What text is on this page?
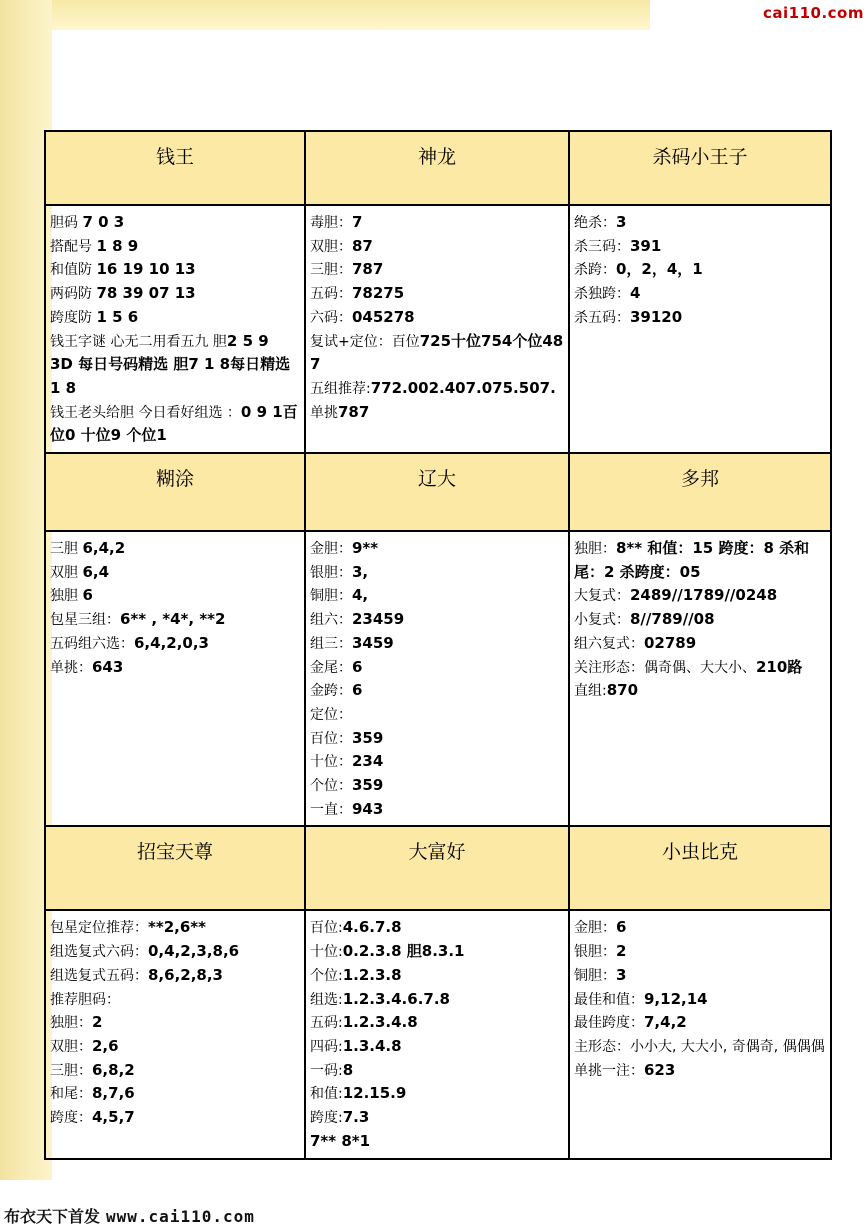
cai110.com
钱王
胆码 7 0 3
搭配号 1 8 9
和值防 16 19 10 13
两码防 78 39 07 13
跨度防 1 5 6
钱王字谜 心无二用看五九 胆2 5 9
3D 每日号码精选 胆7 1 8每日精选1 8
钱王老头给胆 今日看好组选 ：0 9 1百位0 十位9 个位1
神龙
毒胆：7
双胆：87
三胆：787
五码：78275
六码：045278
复试+定位：百位725十位754个位487
五组推荐:772.002.407.075.507.
单挑787
杀码小王子
绝杀：3
杀三码：391
杀跨：0，2，4，1
杀独跨：4
杀五码：39120
糊涂
三胆 6,4,2
双胆 6,4
独胆 6
包星三组：6** , *4*, **2
五码组六选：6,4,2,0,3
单挑：643
辽大
金胆：9**
银胆：3,
铜胆：4,
组六：23459
组三：3459
金尾：6
金跨：6
定位：
百位：359
十位：234
个位：359
一直：943
多邦
独胆：8** 和值：15 跨度：8 杀和尾：2 杀跨度：05
大复式：2489//1789//0248
小复式：8//789//08
组六复式：02789
关注形态：偶奇偶、大大小、210路
直组:870
招宝天尊
包星定位推荐：**2,6**
组选复式六码：0,4,2,3,8,6
组选复式五码：8,6,2,8,3
推荐胆码：
独胆：2
双胆：2,6
三胆：6,8,2
和尾：8,7,6
跨度：4,5,7
大富好
百位:4.6.7.8
十位:0.2.3.8 胆8.3.1
个位:1.2.3.8
组选:1.2.3.4.6.7.8
五码:1.2.3.4.8
四码:1.3.4.8
一码:8
和值:12.15.9
跨度:7.3
7** 8*1
小虫比克
金胆：6
银胆：2
铜胆：3
最佳和值：9,12,14
最佳跨度：7,4,2
主形态：小小大, 大大小, 奇偶奇, 偶偶偶
单挑一注：623
布衣天下首发 www.cai110.com
